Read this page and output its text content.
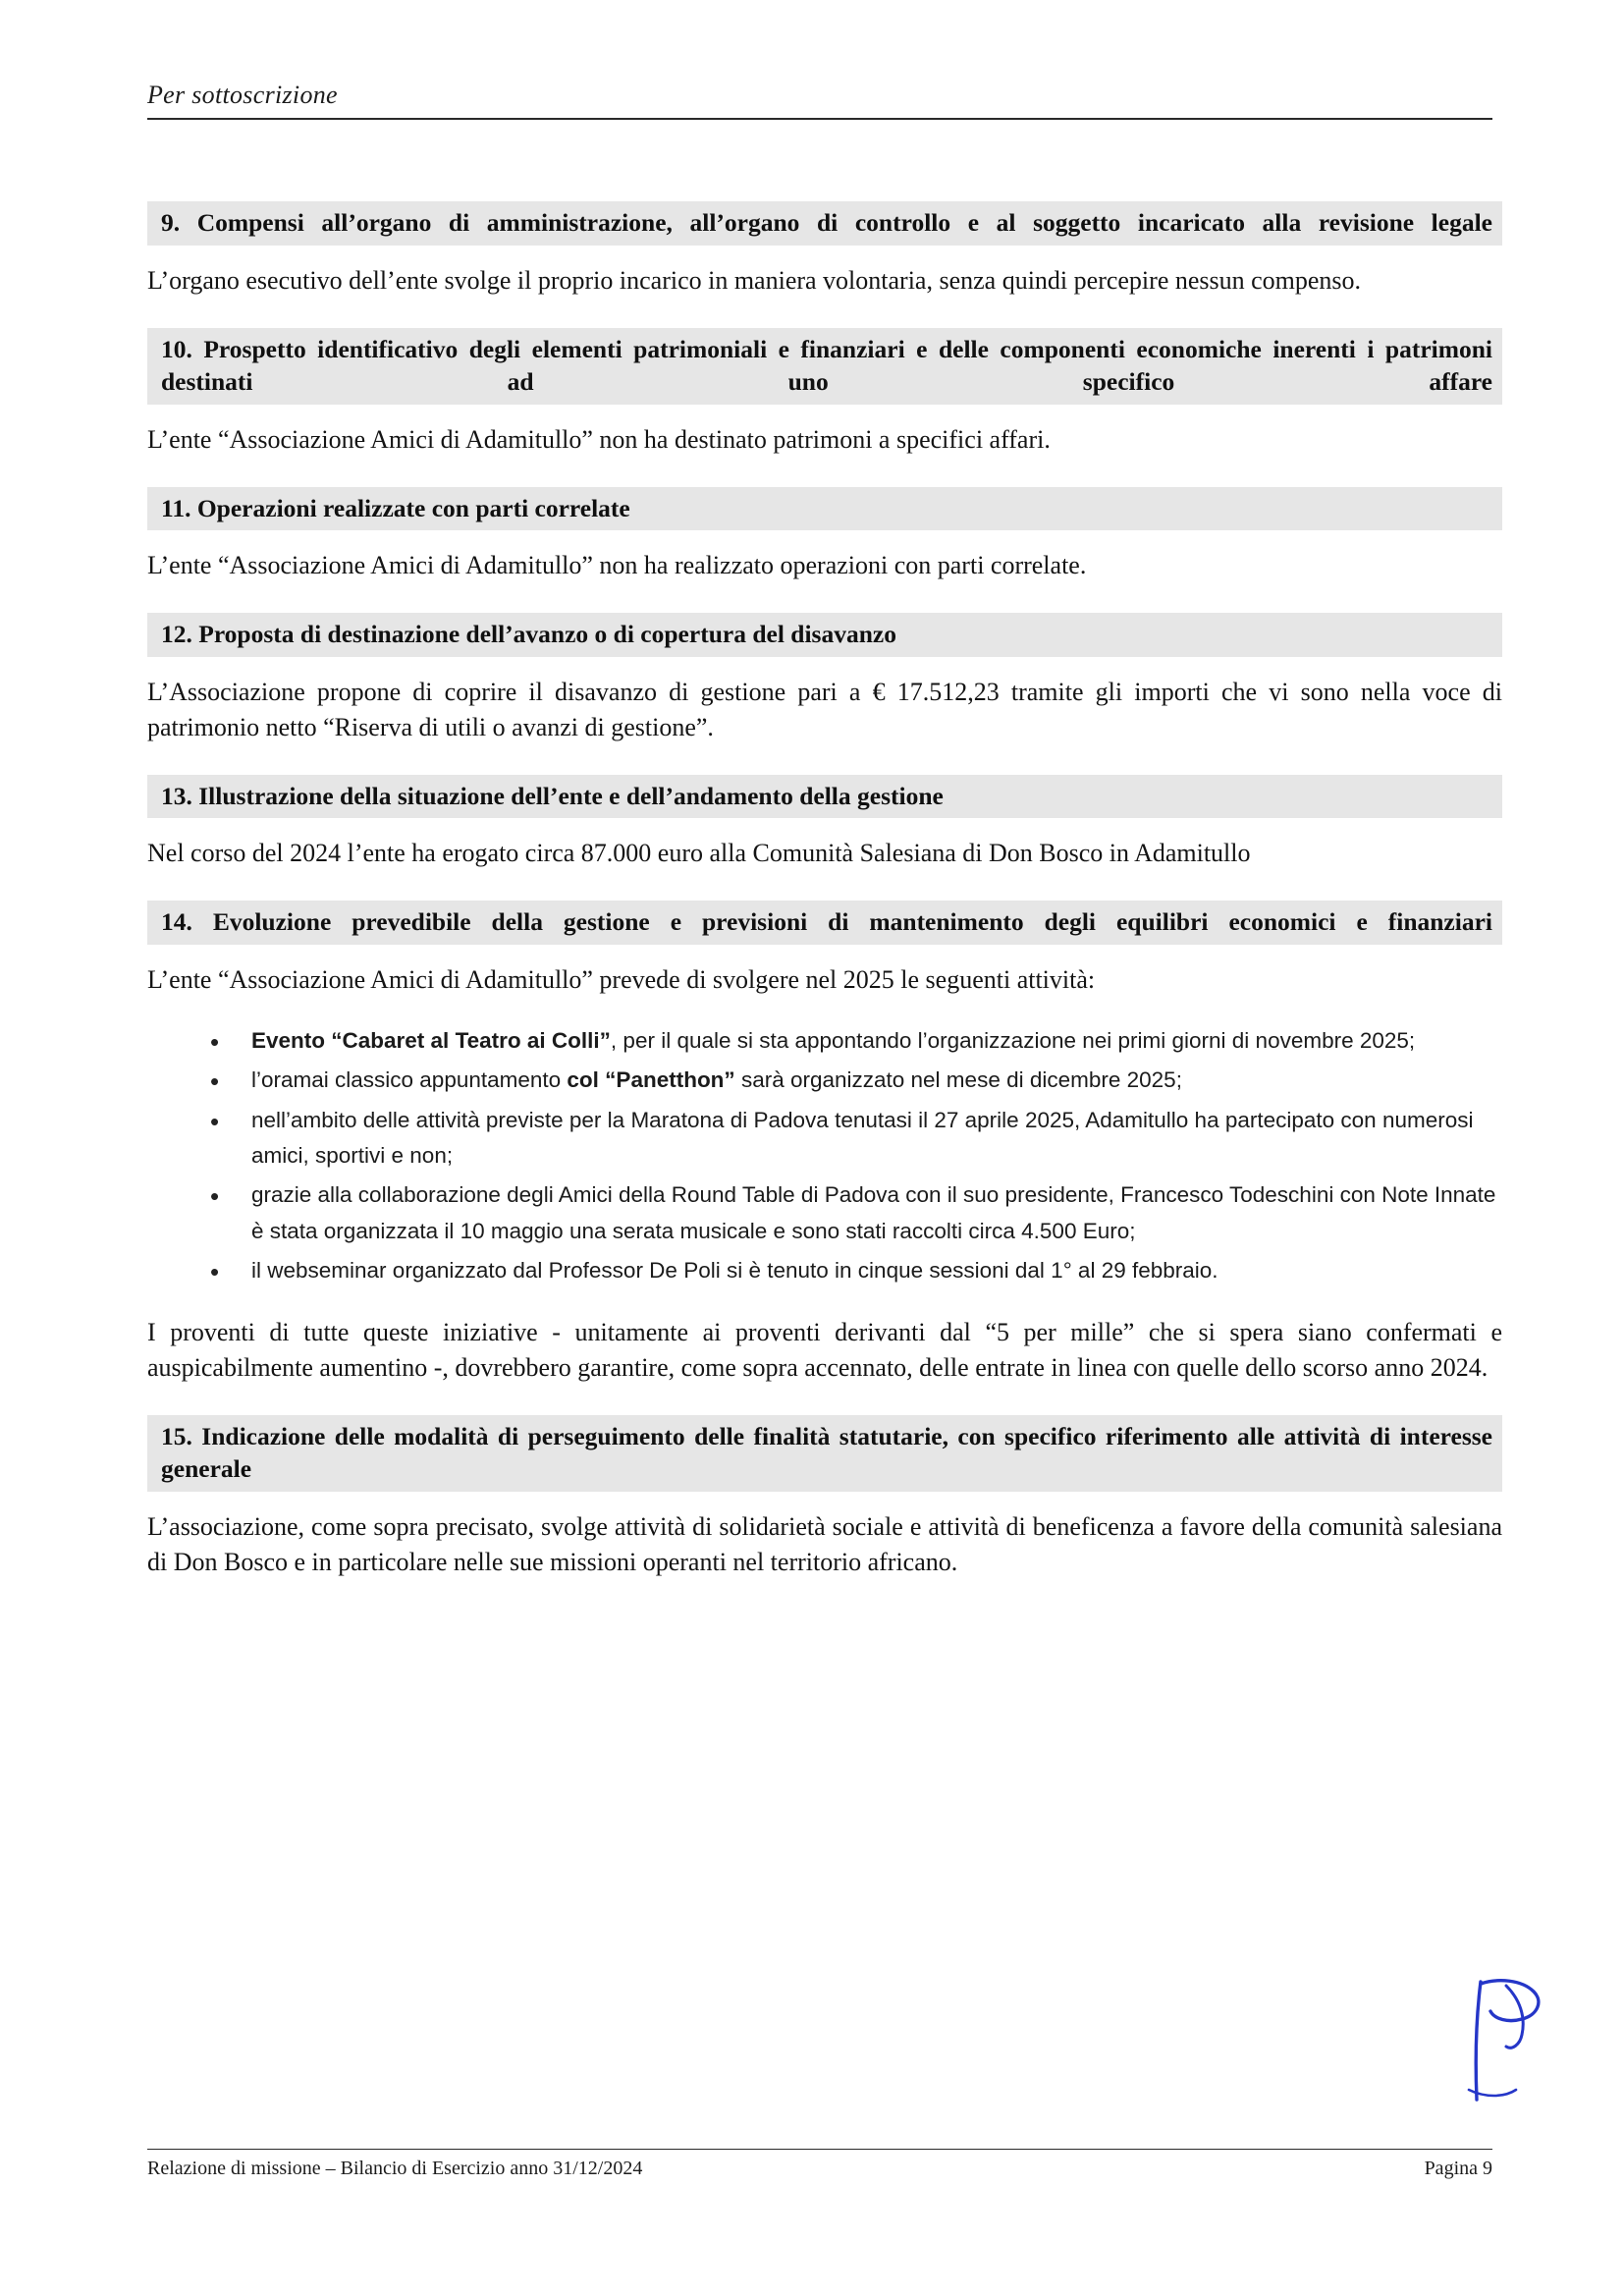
Per sottoscrizione
9. Compensi all’organo di amministrazione, all’organo di controllo e al soggetto incaricato alla revisione legale

L’organo esecutivo dell’ente svolge il proprio incarico in maniera volontaria, senza quindi percepire nessun compenso.

10. Prospetto identificativo degli elementi patrimoniali e finanziari e delle componenti economiche inerenti i patrimoni destinati ad uno specifico affare

L’ente “Associazione Amici di Adamitullo” non ha destinato patrimoni a specifici affari.

11. Operazioni realizzate con parti correlate

L’ente “Associazione Amici di Adamitullo” non ha realizzato operazioni con parti correlate.

12. Proposta di destinazione dell’avanzo o di copertura del disavanzo

L’Associazione propone di coprire il disavanzo di gestione pari a € 17.512,23 tramite gli importi che vi sono nella voce di patrimonio netto “Riserva di utili o avanzi di gestione”.

13. Illustrazione della situazione dell’ente e dell’andamento della gestione

Nel corso del 2024 l’ente ha erogato circa 87.000 euro alla Comunità Salesiana di Don Bosco in Adamitullo

14. Evoluzione prevedibile della gestione e previsioni di mantenimento degli equilibri economici e finanziari

L’ente “Associazione Amici di Adamitullo” prevede di svolgere nel 2025 le seguenti attività:

• Evento “Cabaret al Teatro ai Colli”, per il quale si sta appontando l’organizzazione nei primi giorni di novembre 2025;
• l’oramai classico appuntamento col “Panetthon” sarà organizzato nel mese di dicembre 2025;
• nell’ambito delle attività previste per la Maratona di Padova tenutasi il 27 aprile 2025, Adamitullo ha partecipato con numerosi amici, sportivi e non;
• grazie alla collaborazione degli Amici della Round Table di Padova con il suo presidente, Francesco Todeschini con Note Innate è stata organizzata il 10 maggio una serata musicale e sono stati raccolti circa 4.500 Euro;
• il webseminar organizzato dal Professor De Poli si è tenuto in cinque sessioni dal 1° al 29 febbraio.

I proventi di tutte queste iniziative - unitamente ai proventi derivanti dal “5 per mille” che si spera siano confermati e auspicabilmente aumentino -, dovrebbero garantire, come sopra accennato, delle entrate in linea con quelle dello scorso anno 2024.

15. Indicazione delle modalità di perseguimento delle finalità statutarie, con specifico riferimento alle attività di interesse generale

L’associazione, come sopra precisato, svolge attività di solidarietà sociale e attività di beneficenza a favore della comunità salesiana di Don Bosco e in particolare nelle sue missioni operanti nel territorio africano.

Relazione di missione – Bilancio di Esercizio anno 31/12/2024	Pagina 9
